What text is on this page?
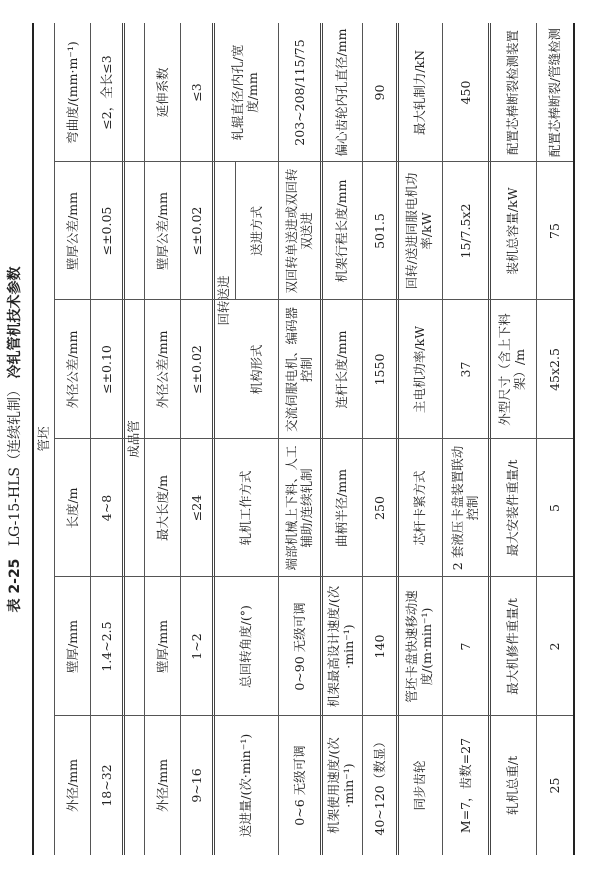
表 2-25 LG-15-HLS（连续轧制） 冷轧管机技术参数
管坯	成品管
外径/mm
壁厚/mm
长度/m
外径公差/mm
壁厚公差/mm
弯曲度/(mm·m⁻¹)
18~32
1.4~2.5
4~8
≤±0.10
≤±0.05
≤2，全长≤3
外径/mm
壁厚/mm
最大长度/m
外径公差/mm
壁厚公差/mm
延伸系数
9~16
1~2
≤24
≤±0.02
≤±0.02
≤3
送进量/(次·min⁻¹)
总回转角度/(°)
轧机工作方式
回转送进
机构形式
送进方式
轧辊直径/内孔/宽度/mm
0~6 无级可调
0~90 无级可调
端部机械上下料、人工辅助/连续轧制
交流伺服电机、编码器控制
双回转单送进或双回转双送进
203~208/115/75
机架使用速度/(次·min⁻¹)
机架最高设计速度/(次·min⁻¹)
曲柄半径/mm
连杆长度/mm
机架行程长度/mm
偏心齿轮内孔直径/mm
40~120（数显）
140
250
1550
501.5
90
同步齿轮
管坯卡盘快速移动速度/(m·min⁻¹)
芯杆卡紧方式
主电机功率/kW
回转/送进同服电机功率/kW
最大轧制力/kN
M=7，齿数=27
7
2 套液压卡盘装置联动控制
37
15/7.5x2
450
轧机总重/t
最大机修件重量/t
最大安装件重量/t
外型尺寸（含上下料架）/m
装机总容量/kW
配置芯棒断裂检测装置
25
2
5
45x2.5
75
配置芯棒断裂/管缝检测
